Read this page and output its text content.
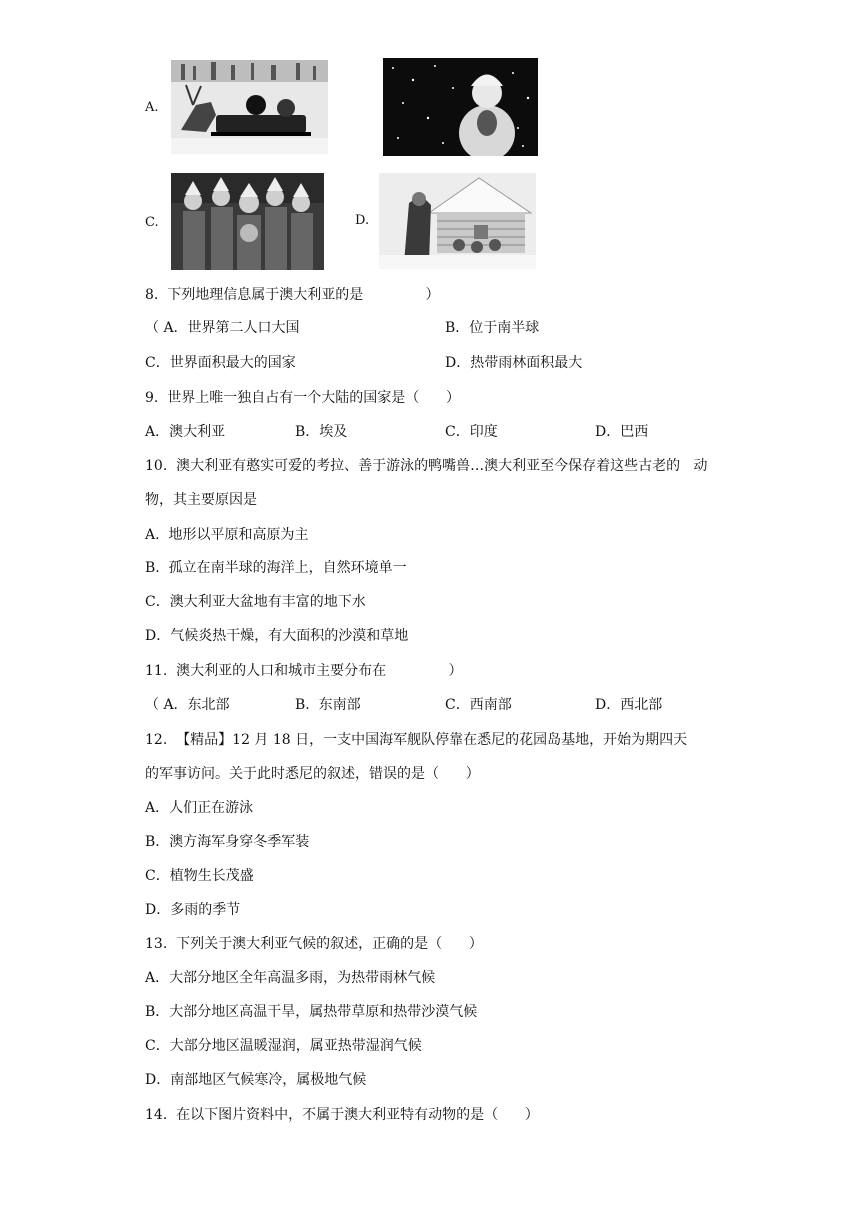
A.
C.	D.
8.  下列地理信息属于澳大利亚的是              ）
（ A．世界第二人口大国	B．位于南半球
C．世界面积最大的国家	D．热带雨林面积最大
9.  世界上唯一独自占有一个大陆的国家是（      ）
A．澳大利亚	B．埃及	C．印度	D．巴西
10.  澳大利亚有憨实可爱的考拉、善于游泳的鸭嘴兽…澳大利亚至今保存着这些古老的   动
物，其主要原因是
A.  地形以平原和高原为主
B.  孤立在南半球的海洋上，自然环境单一
C．澳大利亚大盆地有丰富的地下水
D．气候炎热干燥，有大面积的沙漠和草地
11.  澳大利亚的人口和城市主要分布在              ）
（ A．东北部	B.  东南部	C．西南部	D．西北部
12.  【精品】12 月 18 日，一支中国海军舰队停靠在悉尼的花园岛基地，开始为期四天
的军事访问。关于此时悉尼的叙述，错误的是（      ）
A．人们正在游泳
B．澳方海军身穿冬季军装
C．植物生长茂盛
D．多雨的季节
13.  下列关于澳大利亚气候的叙述，正确的是（      ）
A．大部分地区全年高温多雨，为热带雨林气候
B．大部分地区高温干旱，属热带草原和热带沙漠气候
C．大部分地区温暖湿润，属亚热带湿润气候
D．南部地区气候寒冷，属极地气候
14.  在以下图片资料中，不属于澳大利亚特有动物的是（      ）
